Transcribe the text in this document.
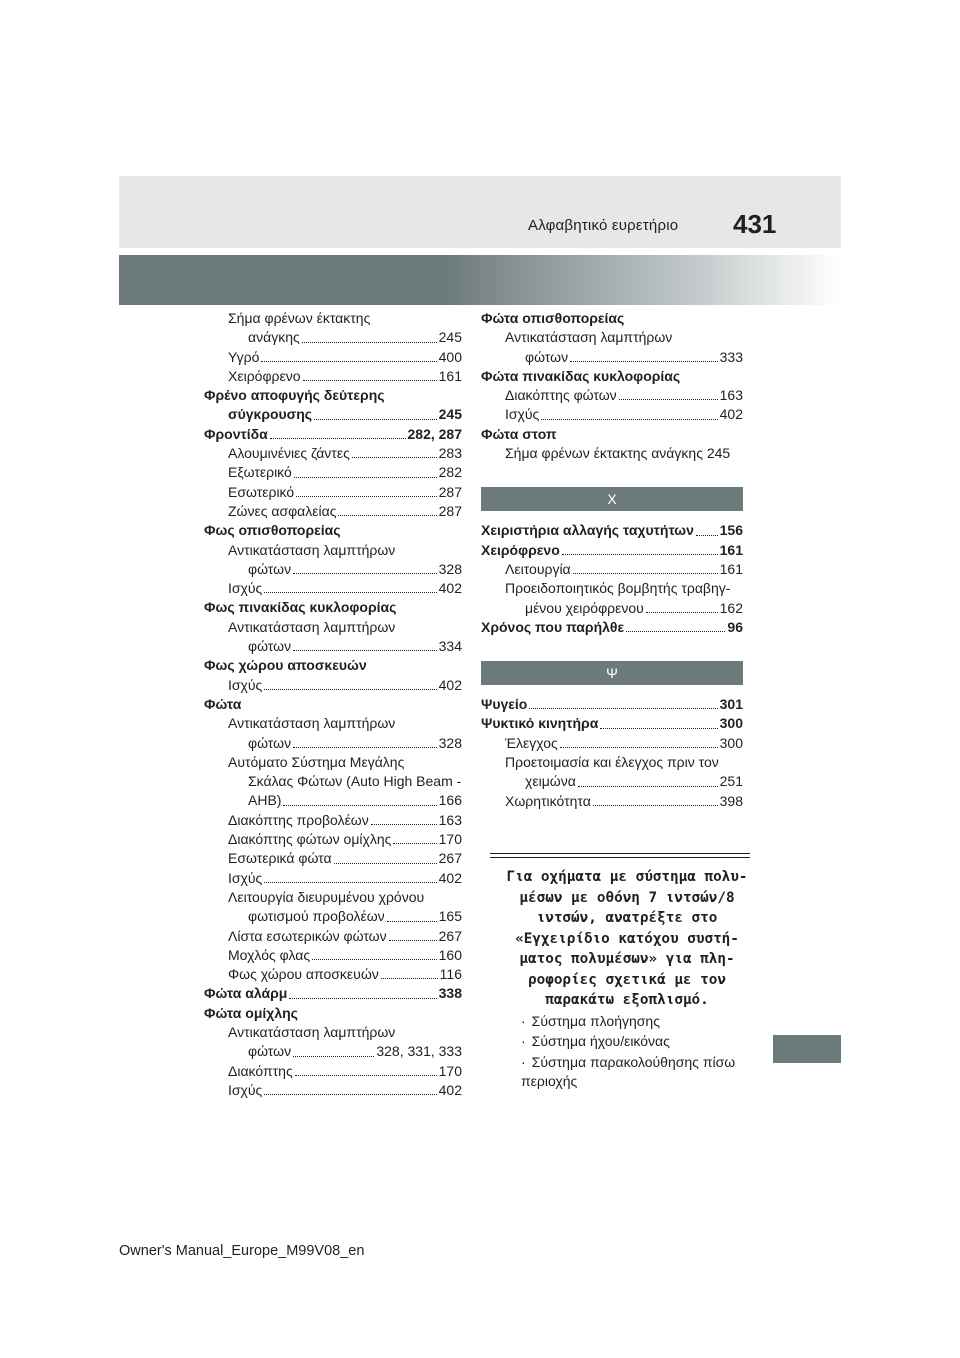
Αλφαβητικό ευρετήριο 431
Σήμα φρένων έκτακτης
ανάγκης	245
Υγρό	400
Χειρόφρενο	161
Φρένο αποφυγής δεύτερης
σύγκρουσης	245
Φροντίδα	282, 287
Αλουμινένιες ζάντες	283
Εξωτερικό	282
Εσωτερικό	287
Ζώνες ασφαλείας	287
Φως οπισθοπορείας
Αντικατάσταση λαμπτήρων
φώτων	328
Ισχύς	402
Φως πινακίδας κυκλοφορίας
Αντικατάσταση λαμπτήρων
φώτων	334
Φως χώρου αποσκευών
Ισχύς	402
Φώτα
Αντικατάσταση λαμπτήρων
φώτων	328
Αυτόματο Σύστημα Μεγάλης
Σκάλας Φώτων (Auto High Beam -
AHB)	166
Διακόπτης προβολέων	163
Διακόπτης φώτων ομίχλης	170
Εσωτερικά φώτα	267
Ισχύς	402
Λειτουργία διευρυμένου χρόνου
φωτισμού προβολέων	165
Λίστα εσωτερικών φώτων	267
Μοχλός φλας	160
Φως χώρου αποσκευών	116
Φώτα αλάρμ	338
Φώτα ομίχλης
Αντικατάσταση λαμπτήρων
φώτων	328, 331, 333
Διακόπτης	170
Ισχύς	402
Φώτα οπισθοπορείας
Αντικατάσταση λαμπτήρων
φώτων	333
Φώτα πινακίδας κυκλοφορίας
Διακόπτης φώτων	163
Ισχύς	402
Φώτα στοπ
Σήμα φρένων έκτακτης ανάγκης 245
Χ
Χειριστήρια αλλαγής ταχυτήτων 156
Χειρόφρενο	161
Λειτουργία	161
Προειδοποιητικός βομβητής τραβηγ-
μένου χειρόφρενου	162
Χρόνος που παρήλθε	96
Ψ
Ψυγείο	301
Ψυκτικό κινητήρα	300
Έλεγχος	300
Προετοιμασία και έλεγχος πριν τον
χειμώνα	251
Χωρητικότητα	398
Για οχήματα με σύστημα πολυ-
μέσων με οθόνη 7 ιντσών/8
ιντσών, ανατρέξτε στο
«Εγχειρίδιο κατόχου συστή-
ματος πολυμέσων» για πλη-
ροφορίες σχετικά με τον
παρακάτω εξοπλισμό.
· Σύστημα πλοήγησης
· Σύστημα ήχου/εικόνας
· Σύστημα παρακολούθησης πίσω περιοχής
Owner's Manual_Europe_M99V08_en
